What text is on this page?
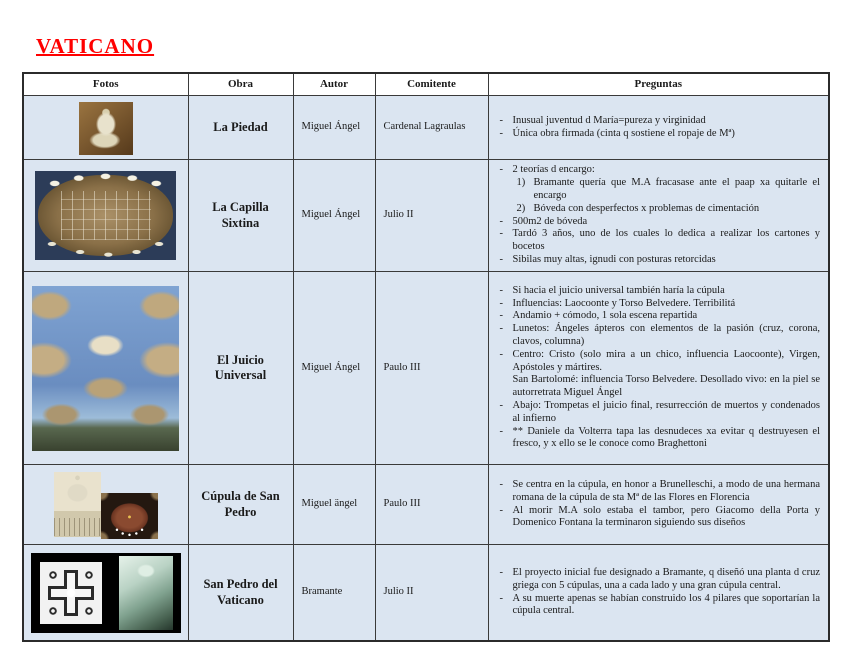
VATICANO
Fotos	Obra	Autor	Comitente	Preguntas

	La Piedad	Miguel Ángel	Cardenal Lagraulas	- Inusual juventud d María=pureza y virginidad
- Única obra firmada (cinta q sostiene el ropaje de Mª)

	La Capilla Sixtina	Miguel Ángel	Julio II	
- 2 teorías d encargo:
1) Bramante quería que M.A fracasase ante el paap xa quitarle el encargo
2) Bóveda con desperfectos x problemas de cimentación
- 500m2 de bóveda
- Tardó 3 años, uno de los cuales lo dedica a realizar los cartones y bocetos
- Sibilas muy altas, ignudi con posturas retorcidas

	El Juicio Universal	Miguel Ángel	Paulo III	
- Si hacia el juicio universal también haría la cúpula
- Influencias: Laocoonte y Torso Belvedere. Terribilitá
- Andamio + cómodo, 1 sola escena repartida
- Lunetos: Ángeles ápteros con elementos de la pasión (cruz, corona, clavos, columna)
- Centro: Cristo (solo mira a un chico, influencia Laocoonte), Virgen, Apóstoles y mártires.
San Bartolomé: influencia Torso Belvedere. Desollado vivo: en la piel se autorretrata Miguel Ángel
- Abajo: Trompetas el juicio final, resurrección de muertos y condenados al infierno
- ** Daniele da Volterra tapa las desnudeces xa evitar q destruyesen el fresco, y x ello se le conoce como Braghettoni

	Cúpula de San Pedro	Miguel ängel	Paulo III	- Se centra en la cúpula, en honor a Brunelleschi, a modo de una hermana romana de la cúpula de sta Mª de las Flores en Florencia
- Al morir M.A solo estaba el tambor, pero Giacomo della Porta y Domenico Fontana la terminaron siguiendo sus diseños

	San Pedro del Vaticano	Bramante	Julio II	- El proyecto inicial fue designado a Bramante, q diseñó una planta d cruz griega con 5 cúpulas, una a cada lado y una gran cúpula central.
- A su muerte apenas se habían construido los 4 pilares que soportarían la cúpula central.
